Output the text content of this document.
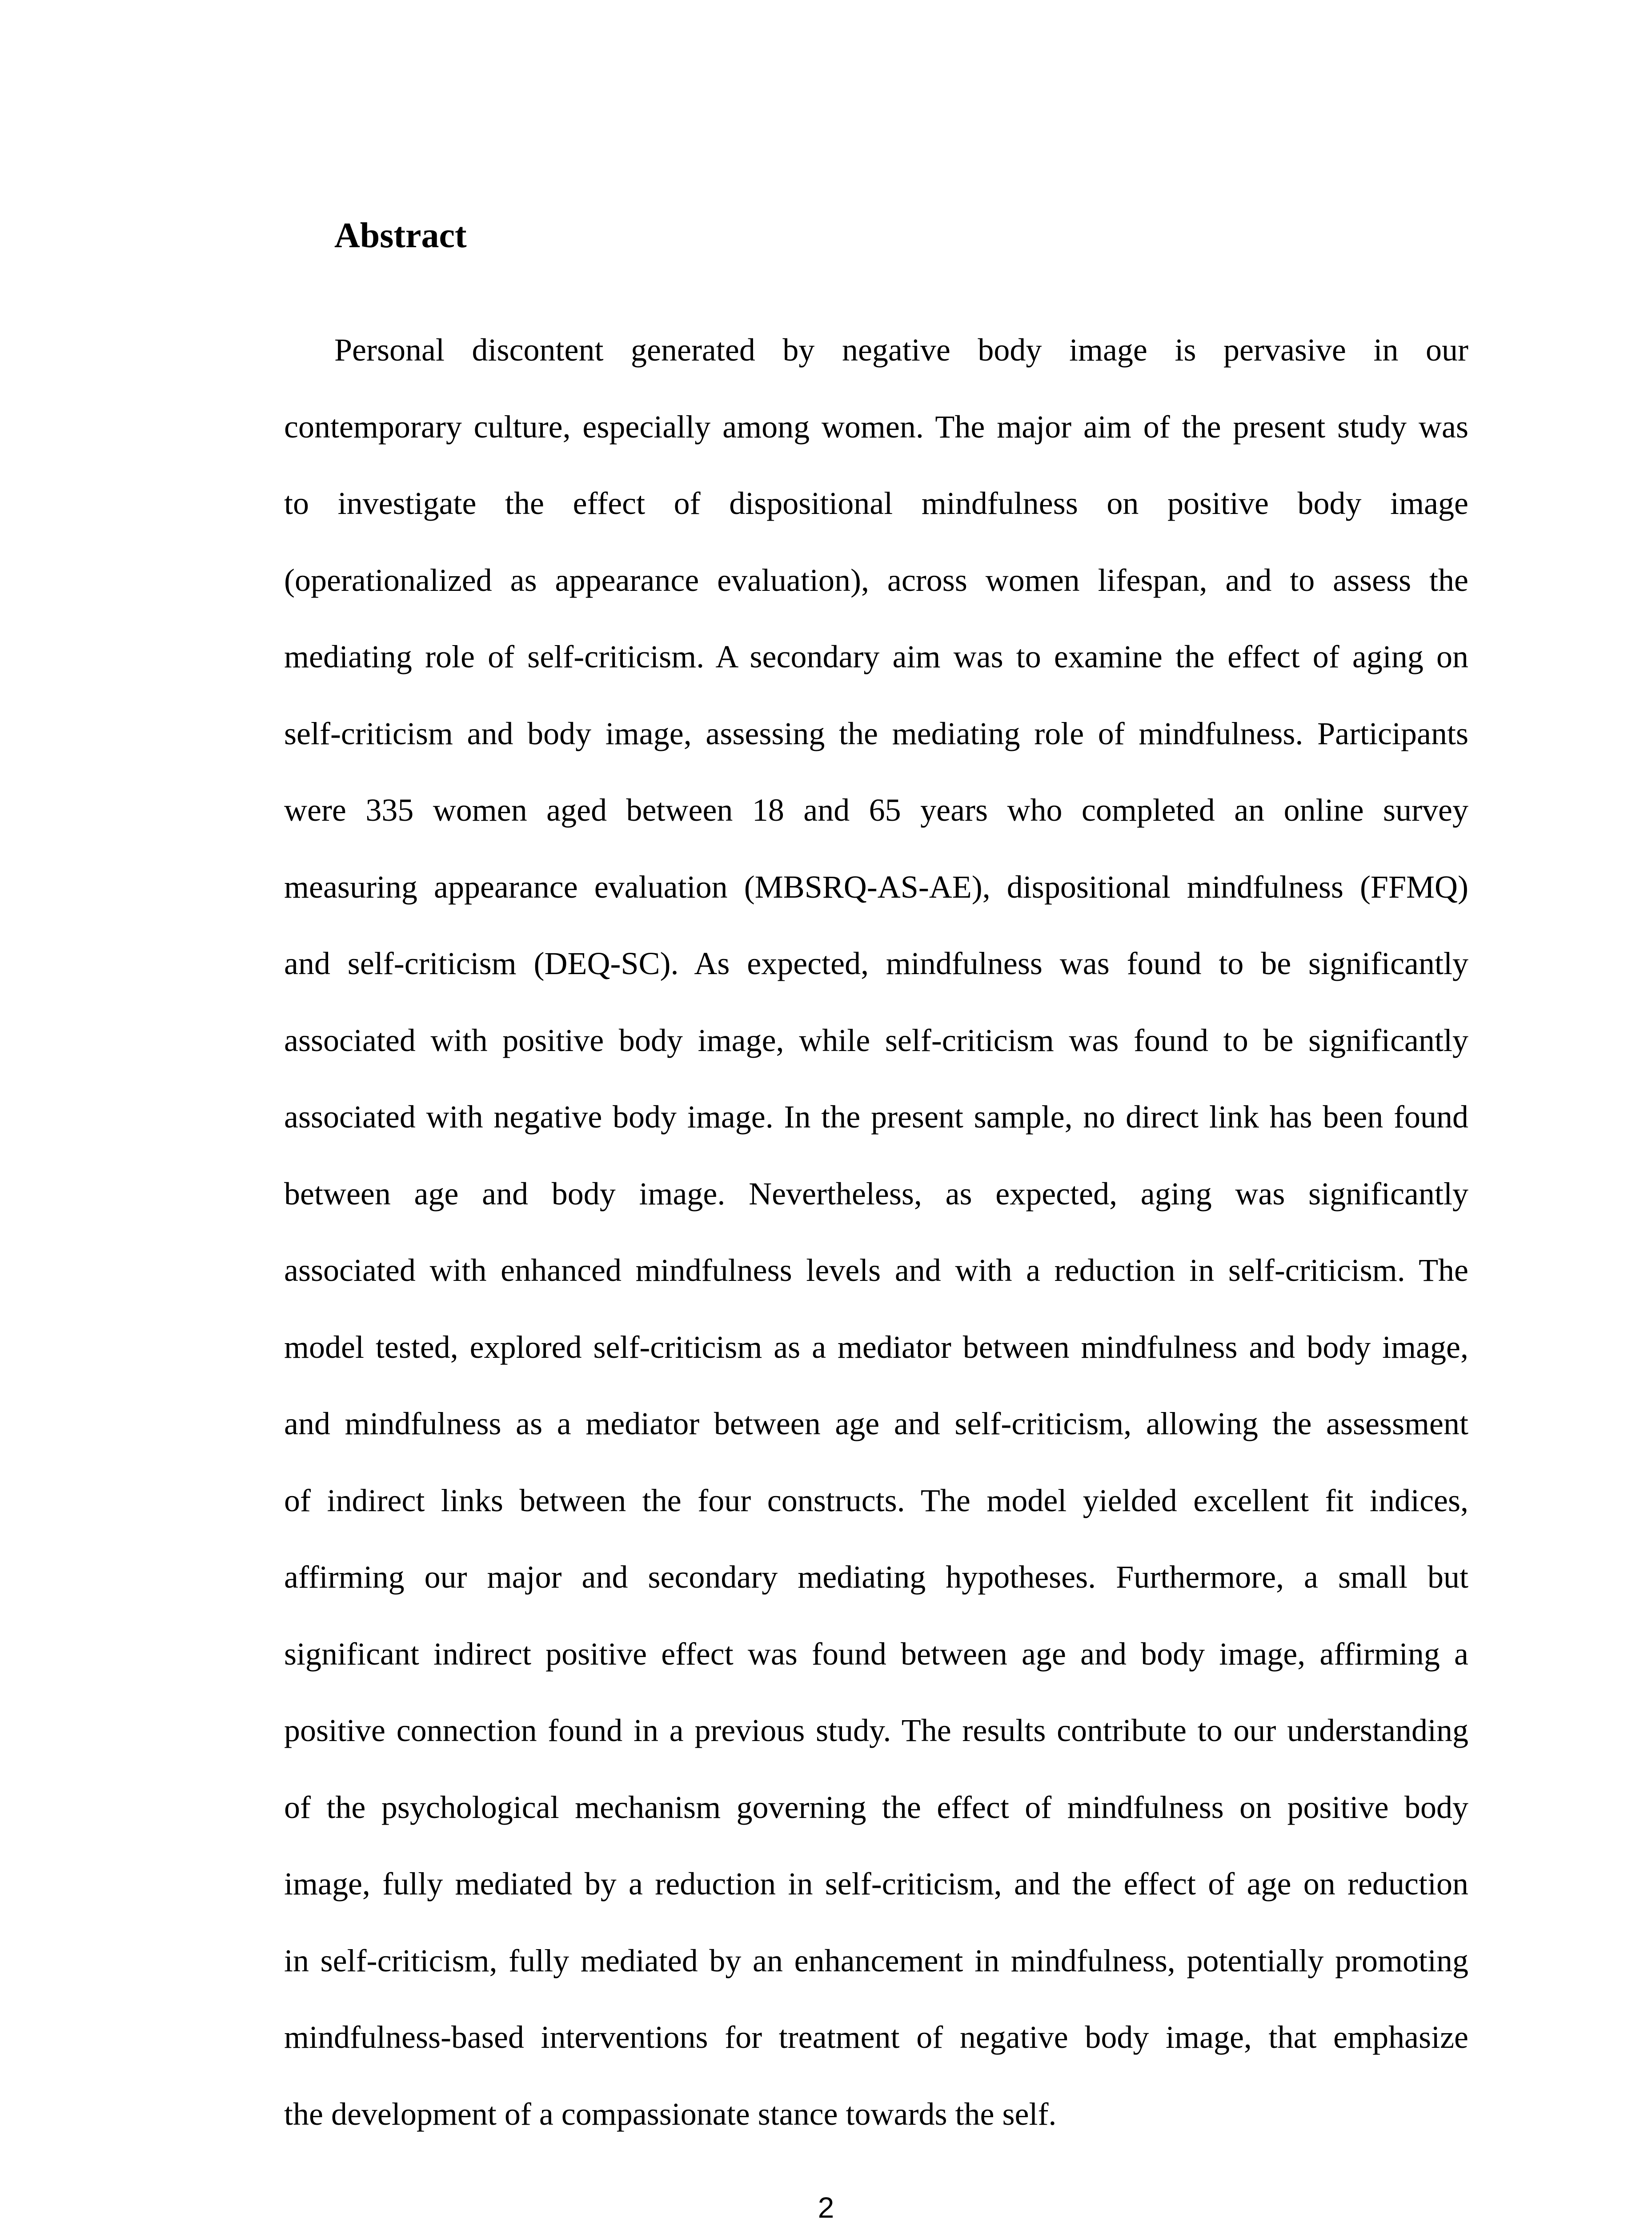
Abstract
Personal discontent generated by negative body image is pervasive in our
contemporary culture, especially among women. The major aim of the present study was
to investigate the effect of dispositional mindfulness on positive body image
(operationalized as appearance evaluation), across women lifespan, and to assess the
mediating role of self-criticism. A secondary aim was to examine the effect of aging on
self-criticism and body image, assessing the mediating role of mindfulness. Participants
were 335 women aged between 18 and 65 years who completed an online survey
measuring appearance evaluation (MBSRQ-AS-AE), dispositional mindfulness (FFMQ)
and self-criticism (DEQ-SC). As expected, mindfulness was found to be significantly
associated with positive body image, while self-criticism was found to be significantly
associated with negative body image. In the present sample, no direct link has been found
between age and body image. Nevertheless, as expected, aging was significantly
associated with enhanced mindfulness levels and with a reduction in self-criticism. The
model tested, explored self-criticism as a mediator between mindfulness and body image,
and mindfulness as a mediator between age and self-criticism, allowing the assessment
of indirect links between the four constructs. The model yielded excellent fit indices,
affirming our major and secondary mediating hypotheses. Furthermore, a small but
significant indirect positive effect was found between age and body image, affirming a
positive connection found in a previous study. The results contribute to our understanding
of the psychological mechanism governing the effect of mindfulness on positive body
image, fully mediated by a reduction in self-criticism, and the effect of age on reduction
in self-criticism, fully mediated by an enhancement in mindfulness, potentially promoting
mindfulness-based interventions for treatment of negative body image, that emphasize
the development of a compassionate stance towards the self.
2
